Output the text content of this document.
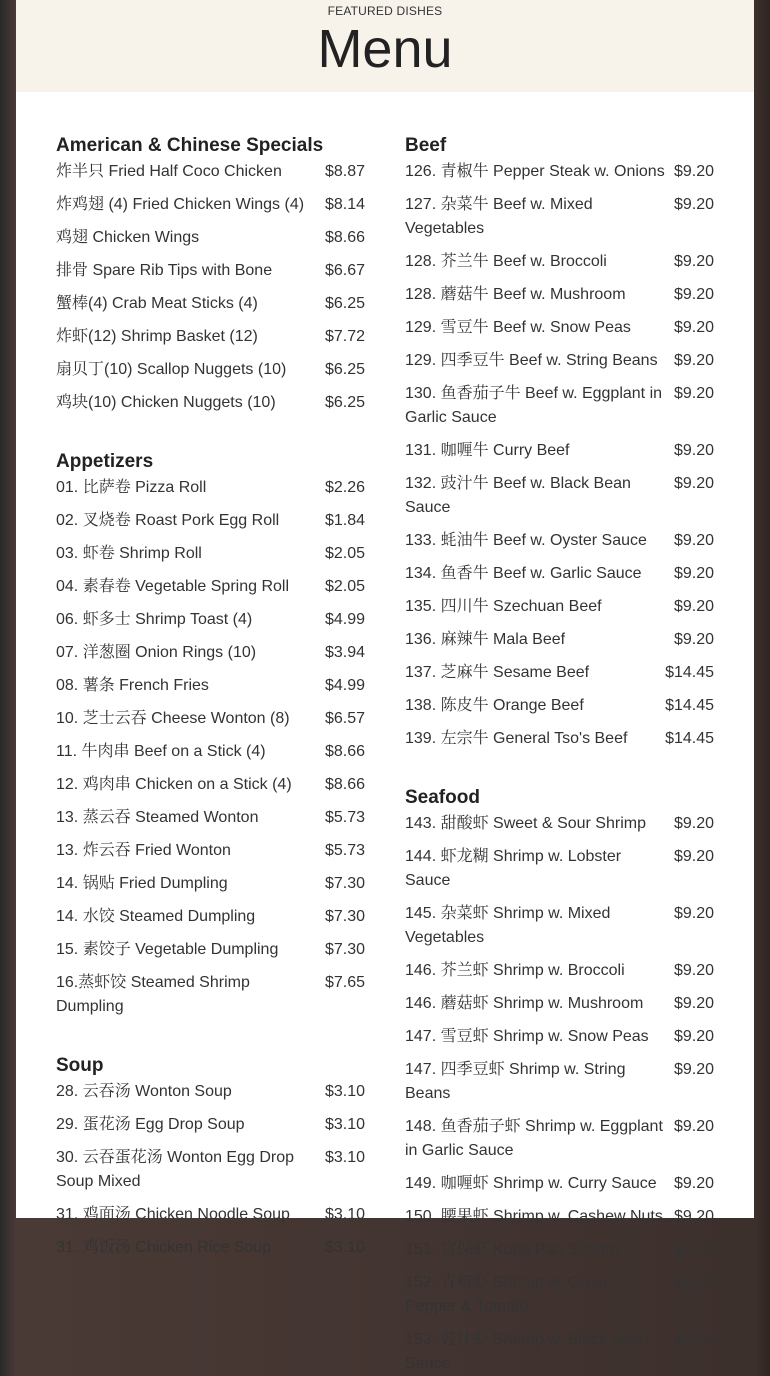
FEATURED DISHES
Menu
American & Chinese Specials
炸半只 Fried Half Coco Chicken	$8.87
炸鸡翅 (4) Fried Chicken Wings (4)	$8.14
鸡翅 Chicken Wings	$8.66
排骨 Spare Rib Tips with Bone	$6.67
蟹棒(4) Crab Meat Sticks (4)	$6.25
炸虾(12) Shrimp Basket (12)	$7.72
扇贝丁(10) Scallop Nuggets (10)	$6.25
鸡块(10) Chicken Nuggets (10)	$6.25
Appetizers
01. 比萨卷 Pizza Roll	$2.26
02. 叉烧卷 Roast Pork Egg Roll	$1.84
03. 虾卷 Shrimp Roll	$2.05
04. 素春卷 Vegetable Spring Roll	$2.05
06. 虾多士 Shrimp Toast (4)	$4.99
07. 洋葱圈 Onion Rings (10)	$3.94
08. 薯条 French Fries	$4.99
10. 芝士云吞 Cheese Wonton (8)	$6.57
11. 牛肉串 Beef on a Stick (4)	$8.66
12. 鸡肉串 Chicken on a Stick (4)	$8.66
13. 蒸云吞 Steamed Wonton	$5.73
13. 炸云吞 Fried Wonton	$5.73
14. 锅贴 Fried Dumpling	$7.30
14. 水饺 Steamed Dumpling	$7.30
15. 素饺子 Vegetable Dumpling	$7.30
16.蒸虾饺 Steamed Shrimp Dumpling
$7.65
Soup
28. 云吞汤 Wonton Soup	$3.10
29. 蛋花汤 Egg Drop Soup	$3.10
30. 云吞蛋花汤 Wonton Egg Drop Soup Mixed
$3.10
31. 鸡面汤 Chicken Noodle Soup	$3.10
31. 鸡饭汤 Chicken Rice Soup	$3.10
Beef
126. 青椒牛 Pepper Steak w. Onions $9.20
127. 杂菜牛 Beef w. Mixed Vegetables
$9.20
128. 芥兰牛 Beef w. Broccoli	$9.20
128. 蘑菇牛 Beef w. Mushroom	$9.20
129. 雪豆牛 Beef w. Snow Peas	$9.20
129. 四季豆牛 Beef w. String Beans	$9.20
130. 鱼香茄子牛 Beef w. Eggplant in Garlic Sauce
$9.20
131. 咖喱牛 Curry Beef	$9.20
132. 豉汁牛 Beef w. Black Bean Sauce
$9.20
133. 蚝油牛 Beef w. Oyster Sauce	$9.20
134. 鱼香牛 Beef w. Garlic Sauce	$9.20
135. 四川牛 Szechuan Beef	$9.20
136. 麻辣牛 Mala Beef	$9.20
137. 芝麻牛 Sesame Beef	$14.45
138. 陈皮牛 Orange Beef	$14.45
139. 左宗牛 General Tso's Beef	$14.45
Seafood
143. 甜酸虾 Sweet & Sour Shrimp	$9.20
144. 虾龙糊 Shrimp w. Lobster Sauce
$9.20
145. 杂菜虾 Shrimp w. Mixed Vegetables
$9.20
146. 芥兰虾 Shrimp w. Broccoli	$9.20
146. 蘑菇虾 Shrimp w. Mushroom	$9.20
147. 雪豆虾 Shrimp w. Snow Peas	$9.20
147. 四季豆虾 Shrimp w. String Beans
$9.20
148. 鱼香茄子虾 Shrimp w. Eggplant in Garlic Sauce
$9.20
149. 咖喱虾 Shrimp w. Curry Sauce	$9.20
150. 腰果虾 Shrimp w. Cashew Nuts $9.20
151. 宫保虾 Kung Pao Shrimp	$9.20
152. 青椒虾 Shrimp w. Green Pepper & Tomato
$9.20
153. 豉汁虾 Shrimp w. Black Bean Sauce
$9.20
